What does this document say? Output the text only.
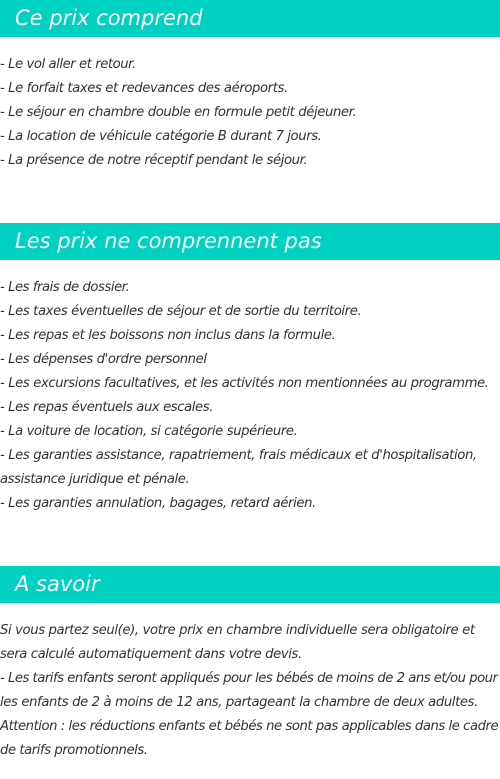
Ce prix comprend

- Le vol aller et retour.

- Le forfait taxes et redevances des aéroports.

- Le séjour en chambre double en formule petit déjeuner.

- La location de véhicule catégorie B durant 7 jours.

- La présence de notre réceptif pendant le séjour.

Les prix ne comprennent pas

- Les frais de dossier.

- Les taxes éventuelles de séjour et de sortie du territoire.

- Les repas et les boissons non inclus dans la formule.

- Les dépenses d'ordre personnel

- Les excursions facultatives, et les activités non mentionnées au programme.

- Les repas éventuels aux escales.

- La voiture de location, si catégorie supérieure.

- Les garanties assistance, rapatriement, frais médicaux et d'hospitalisation,

assistance juridique et pénale.

- Les garanties annulation, bagages, retard aérien.

A savoir

Si vous partez seul(e), votre prix en chambre individuelle sera obligatoire et

sera calculé automatiquement dans votre devis.

- Les tarifs enfants seront appliqués pour les bébés de moins de 2 ans et/ou pour

les enfants de 2 à moins de 12 ans, partageant la chambre de deux adultes.

Attention : les réductions enfants et bébés ne sont pas applicables dans le cadre

de tarifs promotionnels.
